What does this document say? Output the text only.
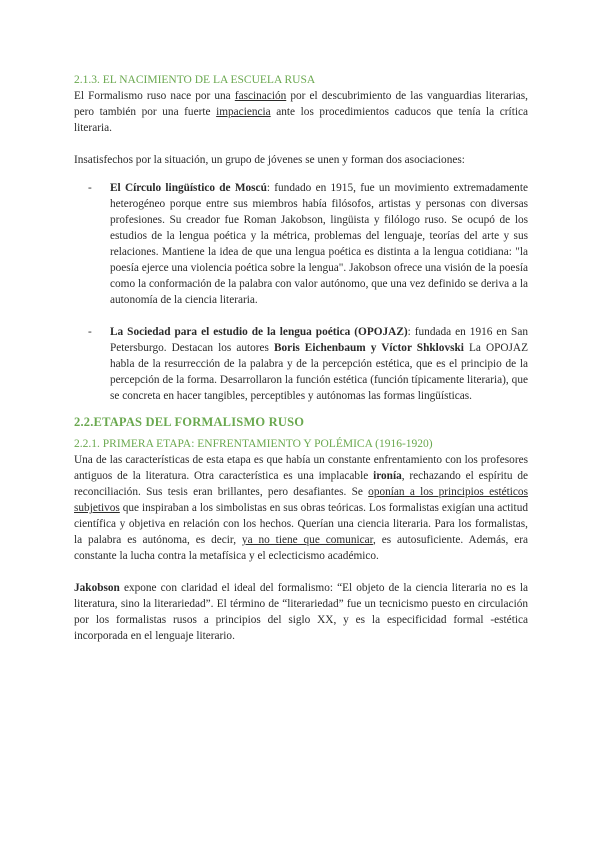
2.1.3. EL NACIMIENTO DE LA ESCUELA RUSA

El Formalismo ruso nace por una fascinación por el descubrimiento de las vanguardias literarias, pero también por una fuerte impaciencia ante los procedimientos caducos que tenía la crítica literaria.

Insatisfechos por la situación, un grupo de jóvenes se unen y forman dos asociaciones:

- El Círculo lingüístico de Moscú: fundado en 1915, fue un movimiento extremadamente heterogéneo porque entre sus miembros había filósofos, artistas y personas con diversas profesiones. Su creador fue Roman Jakobson, lingüista y filólogo ruso. Se ocupó de los estudios de la lengua poética y la métrica, problemas del lenguaje, teorías del arte y sus relaciones. Mantiene la idea de que una lengua poética es distinta a la lengua cotidiana: "la poesía ejerce una violencia poética sobre la lengua". Jakobson ofrece una visión de la poesía como la conformación de la palabra con valor autónomo, que una vez definido se deriva a la autonomía de la ciencia literaria.
- La Sociedad para el estudio de la lengua poética (OPOJAZ): fundada en 1916 en San Petersburgo. Destacan los autores Boris Eichenbaum y Víctor Shklovski La OPOJAZ habla de la resurrección de la palabra y de la percepción estética, que es el principio de la percepción de la forma. Desarrollaron la función estética (función típicamente literaria), que se concreta en hacer tangibles, perceptibles y autónomas las formas lingüísticas.
2.2.ETAPAS DEL FORMALISMO RUSO
2.2.1. PRIMERA ETAPA: ENFRENTAMIENTO Y POLÉMICA (1916-1920)

Una de las características de esta etapa es que había un constante enfrentamiento con los profesores antiguos de la literatura. Otra característica es una implacable ironía, rechazando el espíritu de reconciliación. Sus tesis eran brillantes, pero desafiantes. Se oponían a los principios estéticos subjetivos que inspiraban a los simbolistas en sus obras teóricas. Los formalistas exigían una actitud científica y objetiva en relación con los hechos. Querían una ciencia literaria. Para los formalistas, la palabra es autónoma, es decir, ya no tiene que comunicar, es autosuficiente. Además, era constante la lucha contra la metafísica y el eclecticismo académico.

Jakobson expone con claridad el ideal del formalismo: “El objeto de la ciencia literaria no es la literatura, sino la literariedad”. El término de “literariedad” fue un tecnicismo puesto en circulación por los formalistas rusos a principios del siglo XX, y es la especificidad formal -estética incorporada en el lenguaje literario.
